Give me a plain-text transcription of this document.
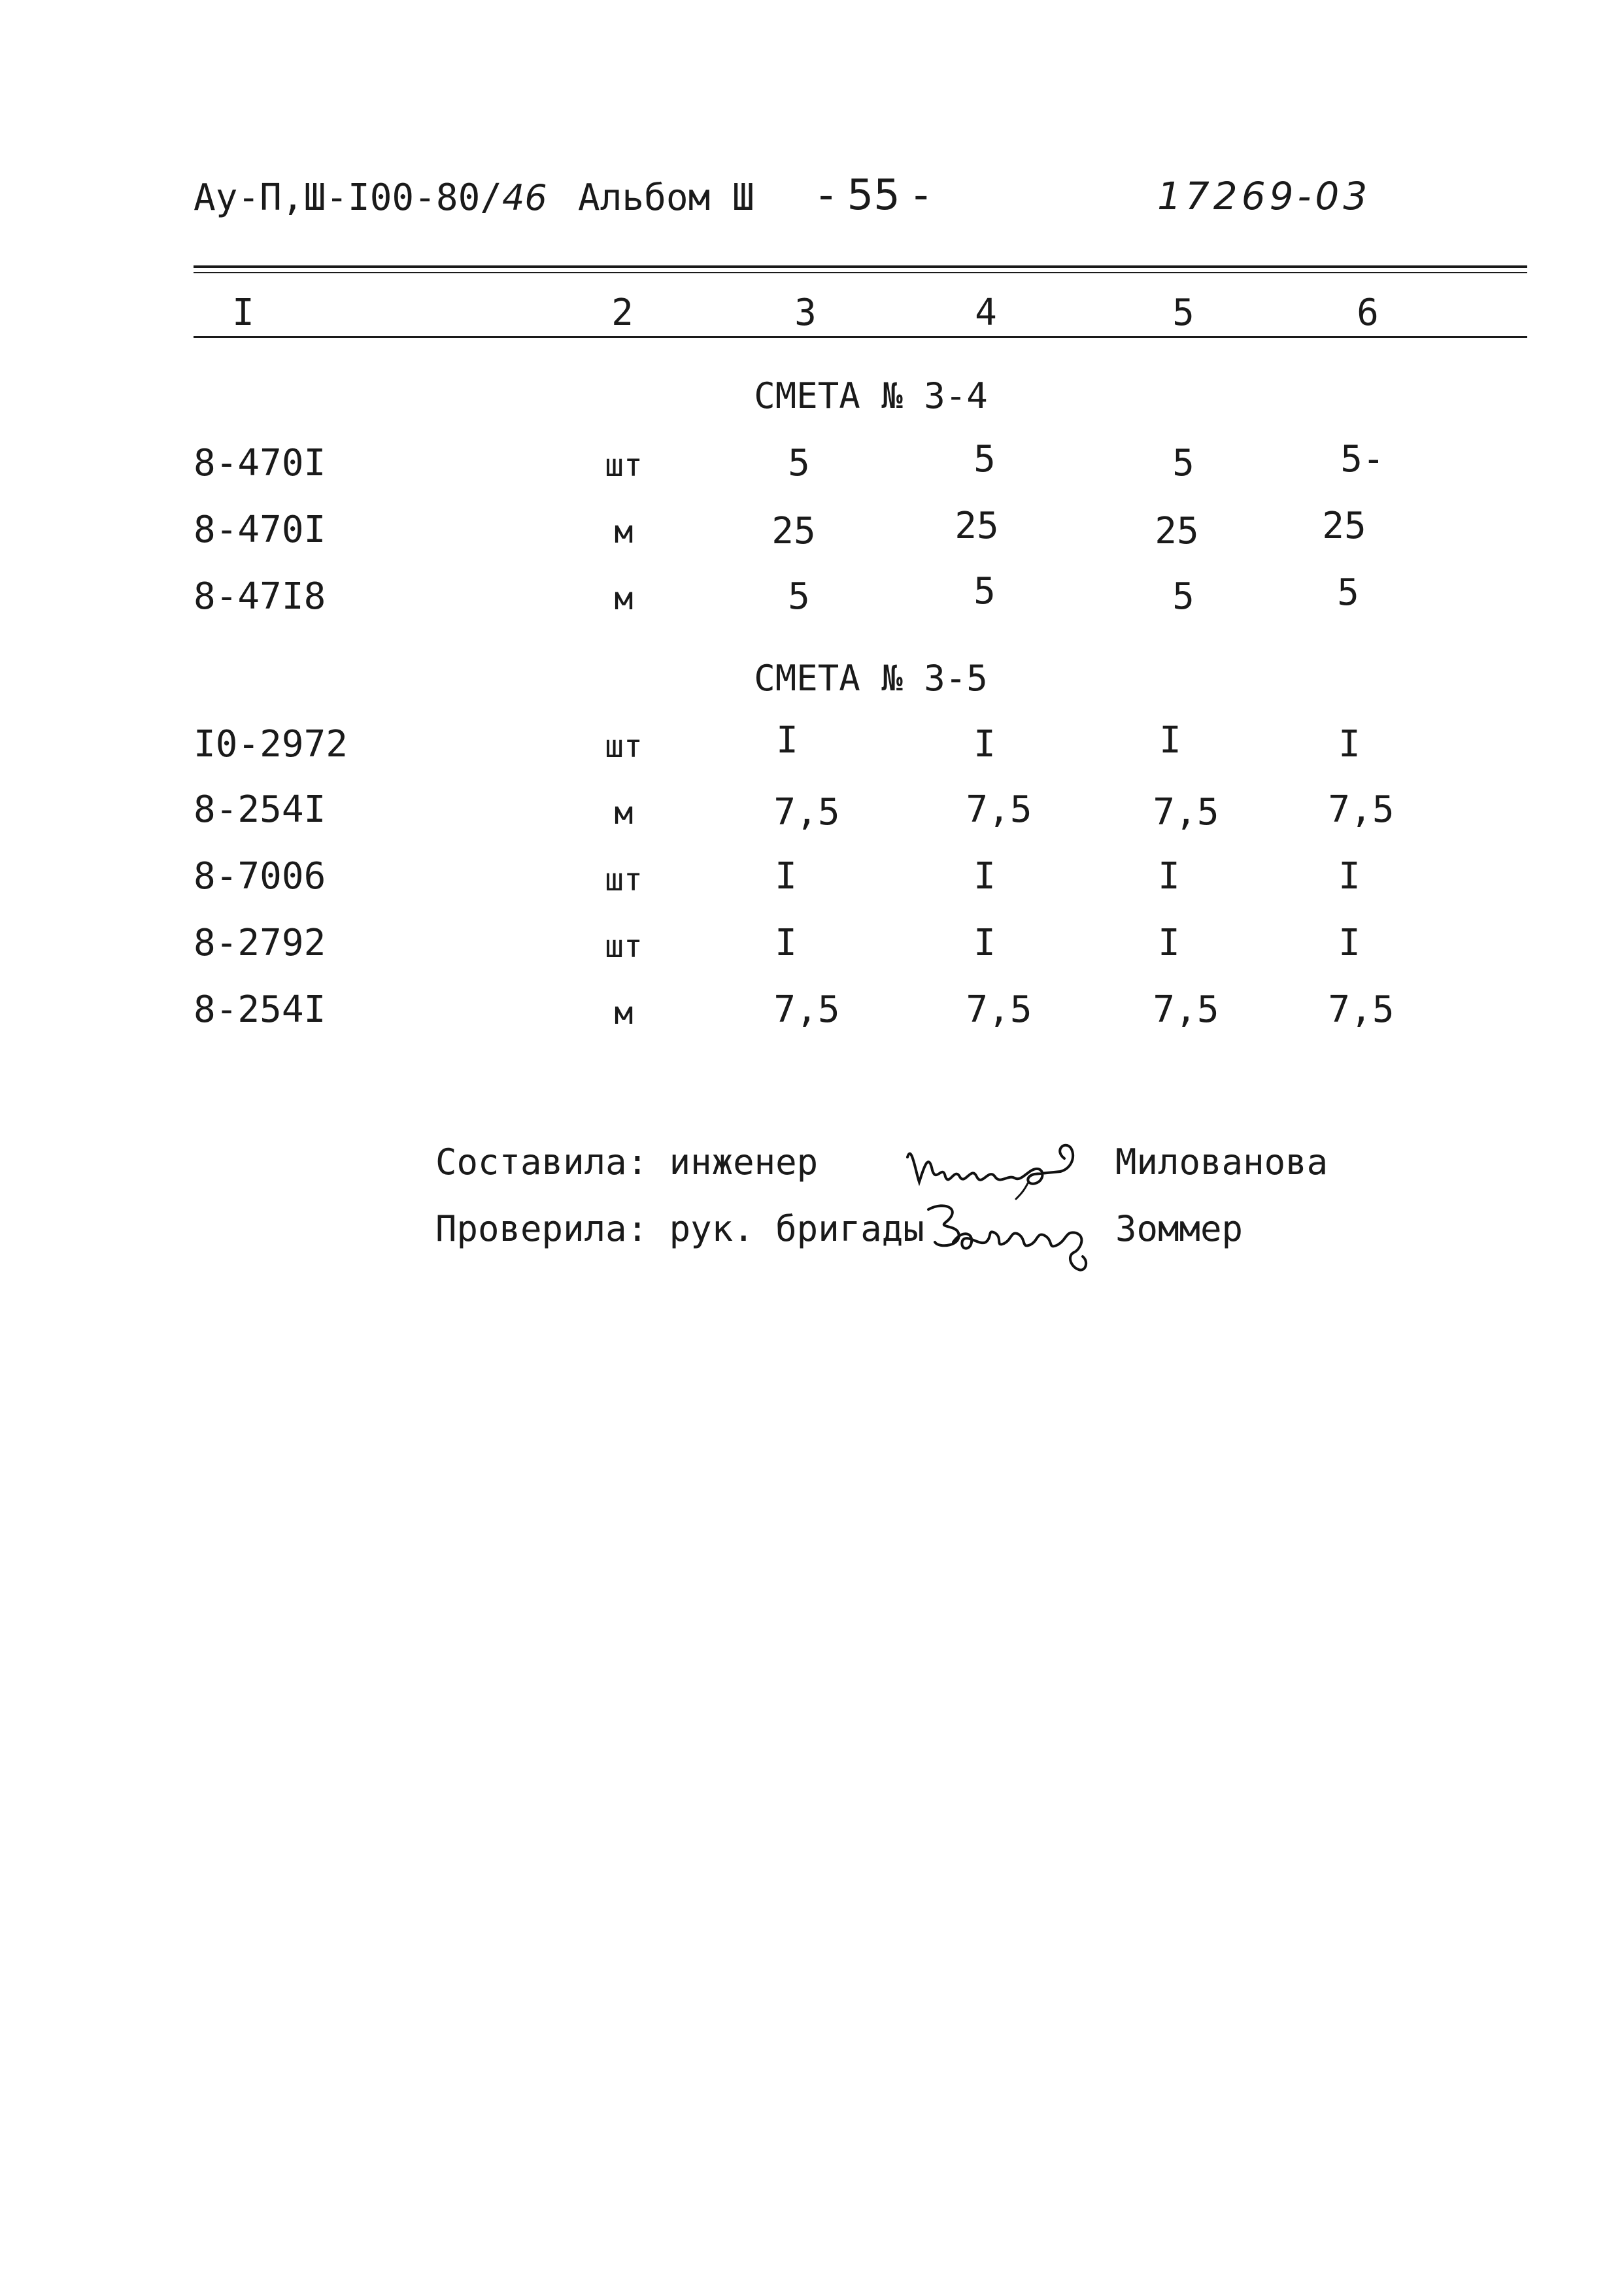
Ау-П,Ш-I00-80/46 Альбом Ш - 55 -	17269-03
I	2	3	4	5	6
СМЕТА № 3-4
8-470I	шт	5	5	5	5-
8-470I	м	25	25	25	25
8-47I8	м	5	5	5	5
СМЕТА № 3-5
I0-2972	шт	I	I	I	I
8-254I	м	7,5	7,5	7,5	7,5
8-7006	шт	I	I	I	I
8-2792	шт	I	I	I	I
8-254I	м	7,5	7,5	7,5	7,5
Составила: инженер	Милованова
Проверила: рук. бригады	Зоммер
